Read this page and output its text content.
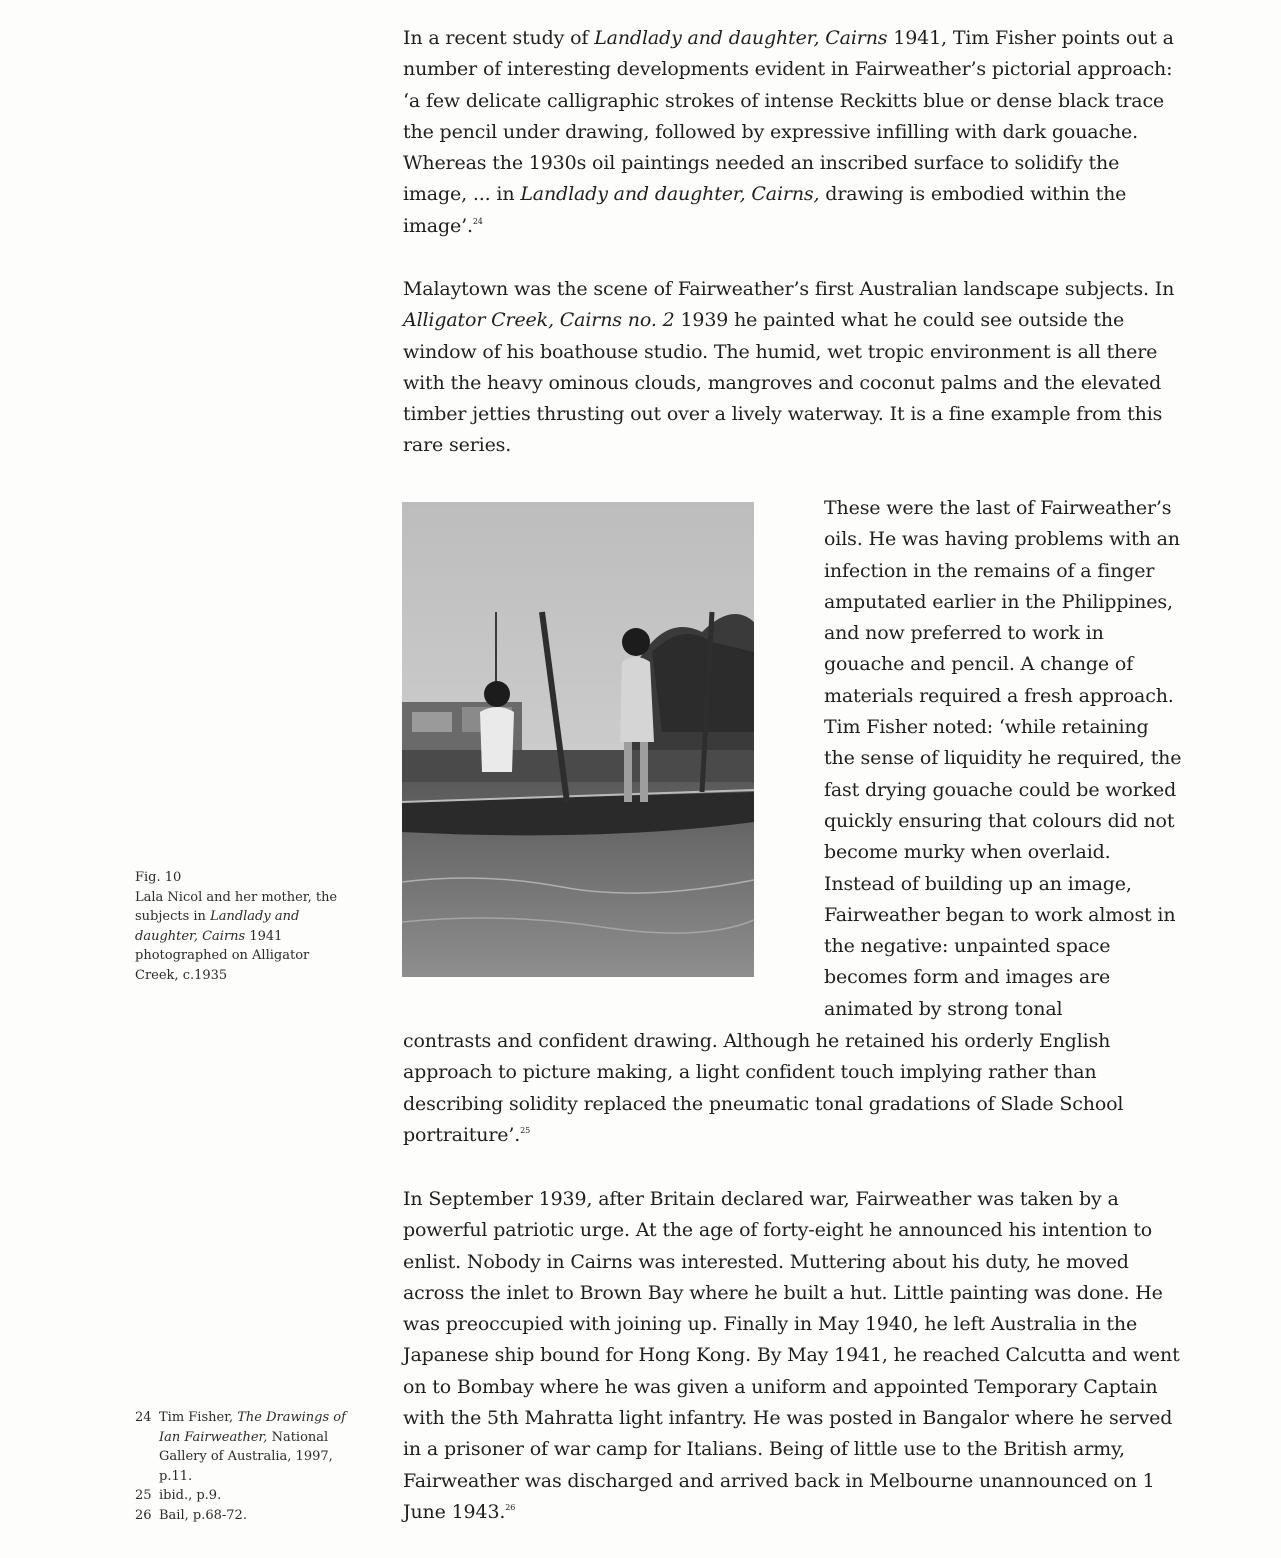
In a recent study of Landlady and daughter, Cairns 1941, Tim Fisher points out a number of interesting developments evident in Fairweather’s pictorial approach: ‘a few delicate calligraphic strokes of intense Reckitts blue or dense black trace the pencil under drawing, followed by expressive infilling with dark gouache. Whereas the 1930s oil paintings needed an inscribed surface to solidify the image, ... in Landlady and daughter, Cairns, drawing is embodied within the image’.$^{24}$

Malaytown was the scene of Fairweather’s first Australian landscape subjects. In Alligator Creek, Cairns no. 2 1939 he painted what he could see outside the window of his boathouse studio. The humid, wet tropic environment is all there with the heavy ominous clouds, mangroves and coconut palms and the elevated timber jetties thrusting out over a lively waterway. It is a fine example from this rare series.

These were the last of Fairweather’s oils. He was having problems with an infection in the remains of a finger amputated earlier in the Philippines, and now preferred to work in gouache and pencil. A change of materials required a fresh approach. Tim Fisher noted: ‘while retaining the sense of liquidity he required, the fast drying gouache could be worked quickly ensuring that colours did not become murky when overlaid. Instead of building up an image, Fairweather began to work almost in the negative: unpainted space becomes form and images are animated by strong tonal

contrasts and confident drawing. Although he retained his orderly English approach to picture making, a light confident touch implying rather than describing solidity replaced the pneumatic tonal gradations of Slade School portraiture’.$^{25}$

In September 1939, after Britain declared war, Fairweather was taken by a powerful patriotic urge. At the age of forty-eight he announced his intention to enlist. Nobody in Cairns was interested. Muttering about his duty, he moved across the inlet to Brown Bay where he built a hut. Little painting was done. He was preoccupied with joining up. Finally in May 1940, he left Australia in the Japanese ship bound for Hong Kong. By May 1941, he reached Calcutta and went on to Bombay where he was given a uniform and appointed Temporary Captain with the 5th Mahratta light infantry. He was posted in Bangalor where he served in a prisoner of war camp for Italians. Being of little use to the British army, Fairweather was discharged and arrived back in Melbourne unannounced on 1 June 1943.26

Fig. 10
Lala Nicol and her mother, the subjects in Landlady and daughter, Cairns 1941 photographed on Alligator Creek, c.1935
24 Tim Fisher, The Drawings of Ian Fairweather, National Gallery of Australia, 1997, p.11.
25 ibid., p.9.
26 Bail, p.68-72.
